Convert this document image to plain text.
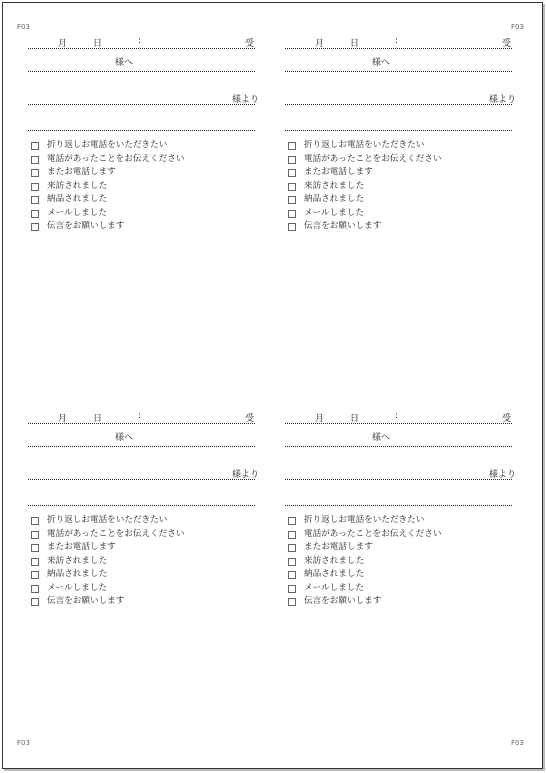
F03	F03
F03	F03
月	日	:	受
様へ
様より
折り返しお電話をいただきたい
電話があったことをお伝えください
またお電話します
来訪されました
納品されました
メールしました
伝言をお願いします
月	日	:	受
様へ
様より
折り返しお電話をいただきたい
電話があったことをお伝えください
またお電話します
来訪されました
納品されました
メールしました
伝言をお願いします
月	日	:	受
様へ
様より
折り返しお電話をいただきたい
電話があったことをお伝えください
またお電話します
来訪されました
納品されました
メールしました
伝言をお願いします
月	日	:	受
様へ
様より
折り返しお電話をいただきたい
電話があったことをお伝えください
またお電話します
来訪されました
納品されました
メールしました
伝言をお願いします
